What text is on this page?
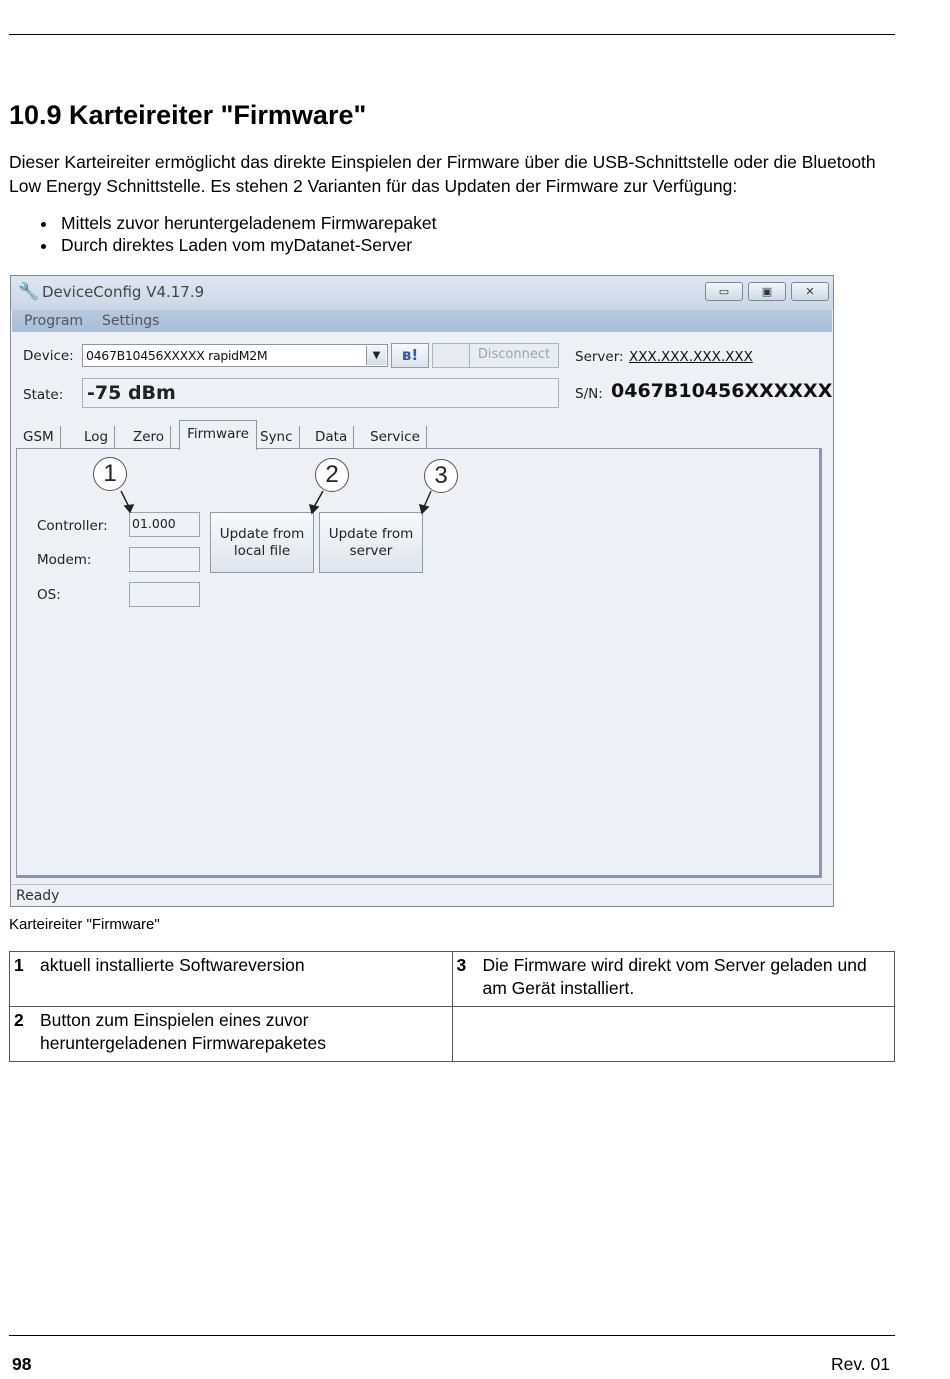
10.9 Karteireiter "Firmware"

Dieser Karteireiter ermöglicht das direkte Einspielen der Firmware über die USB-Schnittstelle oder die Bluetooth Low Energy Schnittstelle. Es stehen 2 Varianten für das Updaten der Firmware zur Verfügung:

Mittels zuvor heruntergeladenem Firmwarepaket
Durch direktes Laden vom myDatanet-Server
🔧 DeviceConfig V4.17.9	▭	▣	✕
Program Settings
Device: 0467B10456XXXXX rapidM2M	▼	ʙ!	Disconnect	Server: XXX.XXX.XXX.XXX
State: -75 dBm	S/N: 0467B10456XXXXXX
GSM	Log	Zero	Firmware Sync	Data	Service
Controller: 01.000
Modem:
OS:
Update from local file
Update from server
1	2	3
Ready
Karteireiter "Firmware"
1 aktuell installierte Softwareversion	3 Die Firmware wird direkt vom Server geladen und am Gerät installiert.
2 Button zum Einspielen eines zuvor heruntergeladenen Firmwarepaketes	
98	Rev. 01
